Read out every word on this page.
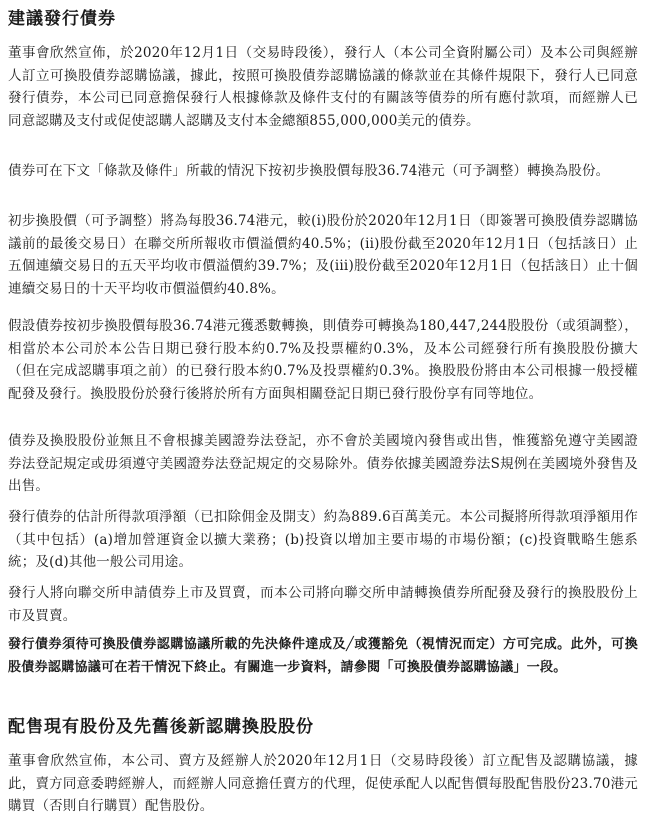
建議發行債券

董事會欣然宣佈，於2020年12月1日（交易時段後），發行人（本公司全資附屬公司）及本公司與經辦人訂立可換股債券認購協議，據此，按照可換股債券認購協議的條款並在其條件規限下，發行人已同意發行債券，本公司已同意擔保發行人根據條款及條件支付的有關該等債券的所有應付款項，而經辦人已同意認購及支付或促使認購人認購及支付本金總額855,000,000美元的債券。

債券可在下文「條款及條件」所載的情況下按初步換股價每股36.74港元（可予調整）轉換為股份。

初步換股價（可予調整）將為每股36.74港元，較(i)股份於2020年12月1日（即簽署可換股債券認購協議前的最後交易日）在聯交所所報收市價溢價約40.5%；(ii)股份截至2020年12月1日（包括該日）止五個連續交易日的五天平均收市價溢價約39.7%；及(iii)股份截至2020年12月1日（包括該日）止十個連續交易日的十天平均收市價溢價約40.8%。

假設債券按初步換股價每股36.74港元獲悉數轉換，則債券可轉換為180,447,244股股份（或須調整），相當於本公司於本公告日期已發行股本約0.7%及投票權約0.3%，及本公司經發行所有換股股份擴大（但在完成認購事項之前）的已發行股本約0.7%及投票權約0.3%。換股股份將由本公司根據一般授權配發及發行。換股股份於發行後將於所有方面與相關登記日期已發行股份享有同等地位。

債券及換股股份並無且不會根據美國證券法登記，亦不會於美國境內發售或出售，惟獲豁免遵守美國證券法登記規定或毋須遵守美國證券法登記規定的交易除外。債券依據美國證券法S規例在美國境外發售及出售。

發行債券的估計所得款項淨額（已扣除佣金及開支）約為889.6百萬美元。本公司擬將所得款項淨額用作（其中包括）(a)增加營運資金以擴大業務；(b)投資以增加主要市場的市場份額；(c)投資戰略生態系統；及(d)其他一般公司用途。

發行人將向聯交所申請債券上市及買賣，而本公司將向聯交所申請轉換債券所配發及發行的換股股份上市及買賣。

發行債券須待可換股債券認購協議所載的先決條件達成及╱或獲豁免（視情況而定）方可完成。此外，可換股債券認購協議可在若干情況下終止。有關進一步資料，請參閱「可換股債券認購協議」一段。

配售現有股份及先舊後新認購換股股份

董事會欣然宣佈，本公司、賣方及經辦人於2020年12月1日（交易時段後）訂立配售及認購協議，據此，賣方同意委聘經辦人，而經辦人同意擔任賣方的代理，促使承配人以配售價每股配售股份23.70港元購買（否則自行購買）配售股份。
